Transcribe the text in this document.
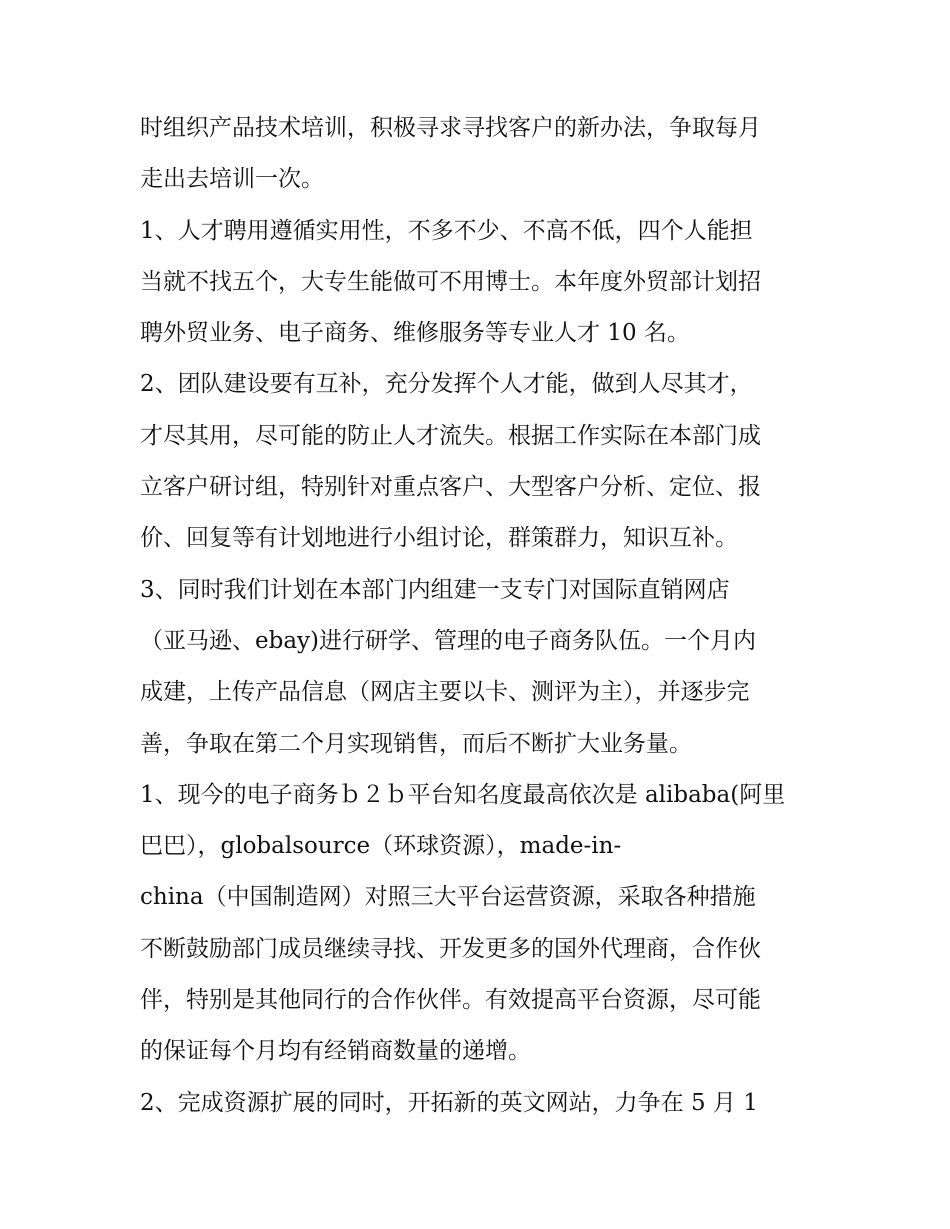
时组织产品技术培训，积极寻求寻找客户的新办法，争取每月
走出去培训一次。
1、人才聘用遵循实用性，不多不少、不高不低，四个人能担
当就不找五个，大专生能做可不用博士。本年度外贸部计划招
聘外贸业务、电子商务、维修服务等专业人才 10 名。
2、团队建设要有互补，充分发挥个人才能，做到人尽其才，
才尽其用，尽可能的防止人才流失。根据工作实际在本部门成
立客户研讨组，特别针对重点客户、大型客户分析、定位、报
价、回复等有计划地进行小组讨论，群策群力，知识互补。
3、同时我们计划在本部门内组建一支专门对国际直销网店
（亚马逊、ebay)进行研学、管理的电子商务队伍。一个月内
成建，上传产品信息（网店主要以卡、测评为主），并逐步完
善，争取在第二个月实现销售，而后不断扩大业务量。
1、现今的电子商务ｂ２ｂ平台知名度最高依次是 alibaba(阿里
巴巴），globalsource（环球资源），made-in-
china（中国制造网）对照三大平台运营资源，采取各种措施
不断鼓励部门成员继续寻找、开发更多的国外代理商，合作伙
伴，特别是其他同行的合作伙伴。有效提高平台资源，尽可能
的保证每个月均有经销商数量的递增。
2、完成资源扩展的同时，开拓新的英文网站，力争在 5 月 1
